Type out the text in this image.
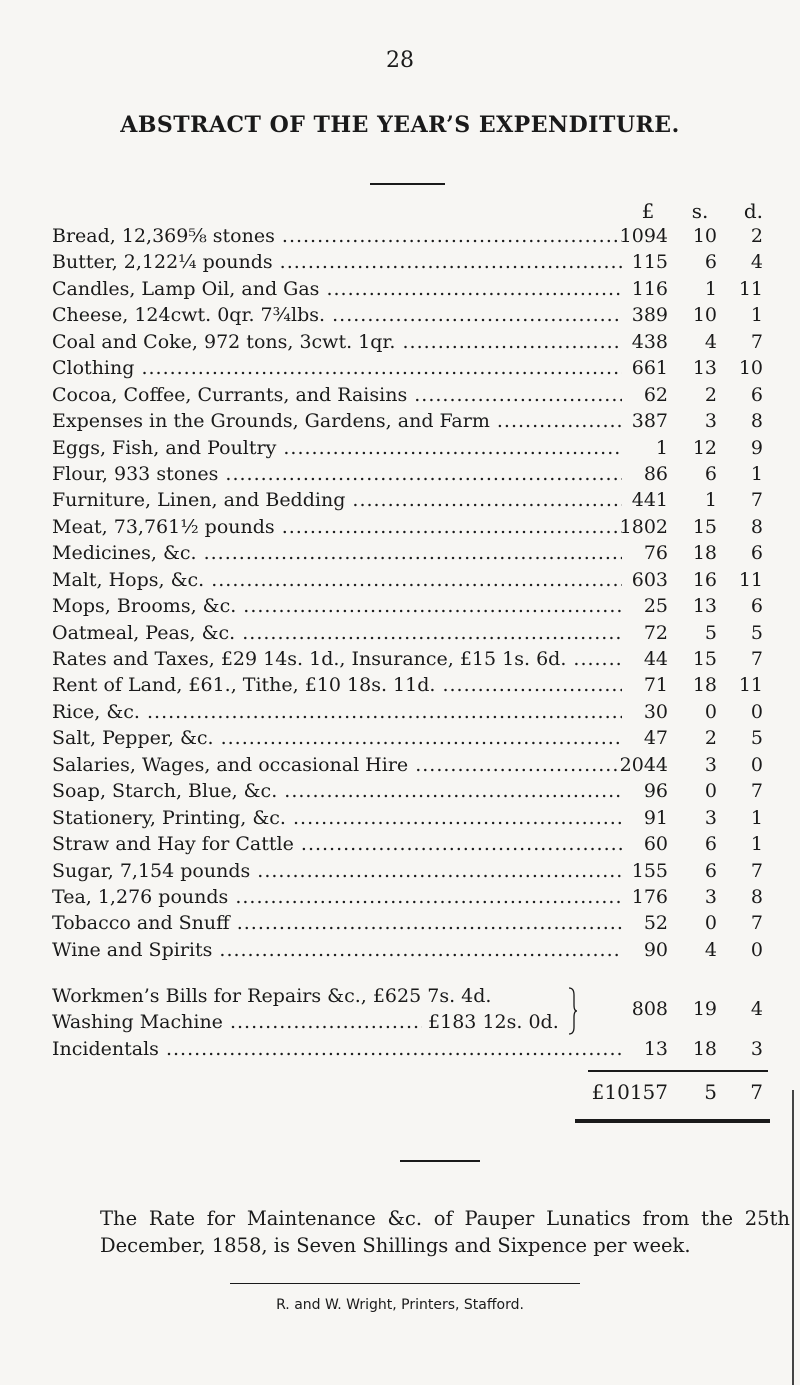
28
ABSTRACT OF THE YEAR’S EXPENDITURE.
£	s.	d.
Bread, 12,369⅝ stones .....	1094	10	2
Butter, 2,122¼ pounds .....	115	6	4
Candles, Lamp Oil, and Gas .....	116	1	11
Cheese, 124cwt. 0qr. 7¾lbs. .....	389	10	1
Coal and Coke, 972 tons, 3cwt. 1qr. .....	438	4	7
Clothing .....	661	13	10
Cocoa, Coffee, Currants, and Raisins .....	62	2	6
Expenses in the Grounds, Gardens, and Farm .....	387	3	8
Eggs, Fish, and Poultry .....	1	12	9
Flour, 933 stones .....	86	6	1
Furniture, Linen, and Bedding .....	441	1	7
Meat, 73,761½ pounds .....	1802	15	8
Medicines, &c. .....	76	18	6
Malt, Hops, &c. .....	603	16	11
Mops, Brooms, &c. .....	25	13	6
Oatmeal, Peas, &c. .....	72	5	5
Rates and Taxes, £29 14s. 1d., Insurance, £15 1s. 6d. .....	44	15	7
Rent of Land, £61., Tithe, £10 18s. 11d. .....	71	18	11
Rice, &c. .....	30	0	0
Salt, Pepper, &c. .....	47	2	5
Salaries, Wages, and occasional Hire .....	2044	3	0
Soap, Starch, Blue, &c. .....	96	0	7
Stationery, Printing, &c. .....	91	3	1
Straw and Hay for Cattle .....	60	6	1
Sugar, 7,154 pounds .....	155	6	7
Tea, 1,276 pounds .....	176	3	8
Tobacco and Snuff .....	52	0	7
Wine and Spirits .....	90	4	0
Workmen’s Bills for Repairs &c., £625 7s. 4d.
Washing Machine .....	£183 12s. 0d.
808	19	4
Incidentals .....	13	18	3
£10157	5	7
The Rate for Maintenance &c. of Pauper Lunatics from the 25th December, 1858, is Seven Shillings and Sixpence per week.
R. and W. Wright, Printers, Stafford.
